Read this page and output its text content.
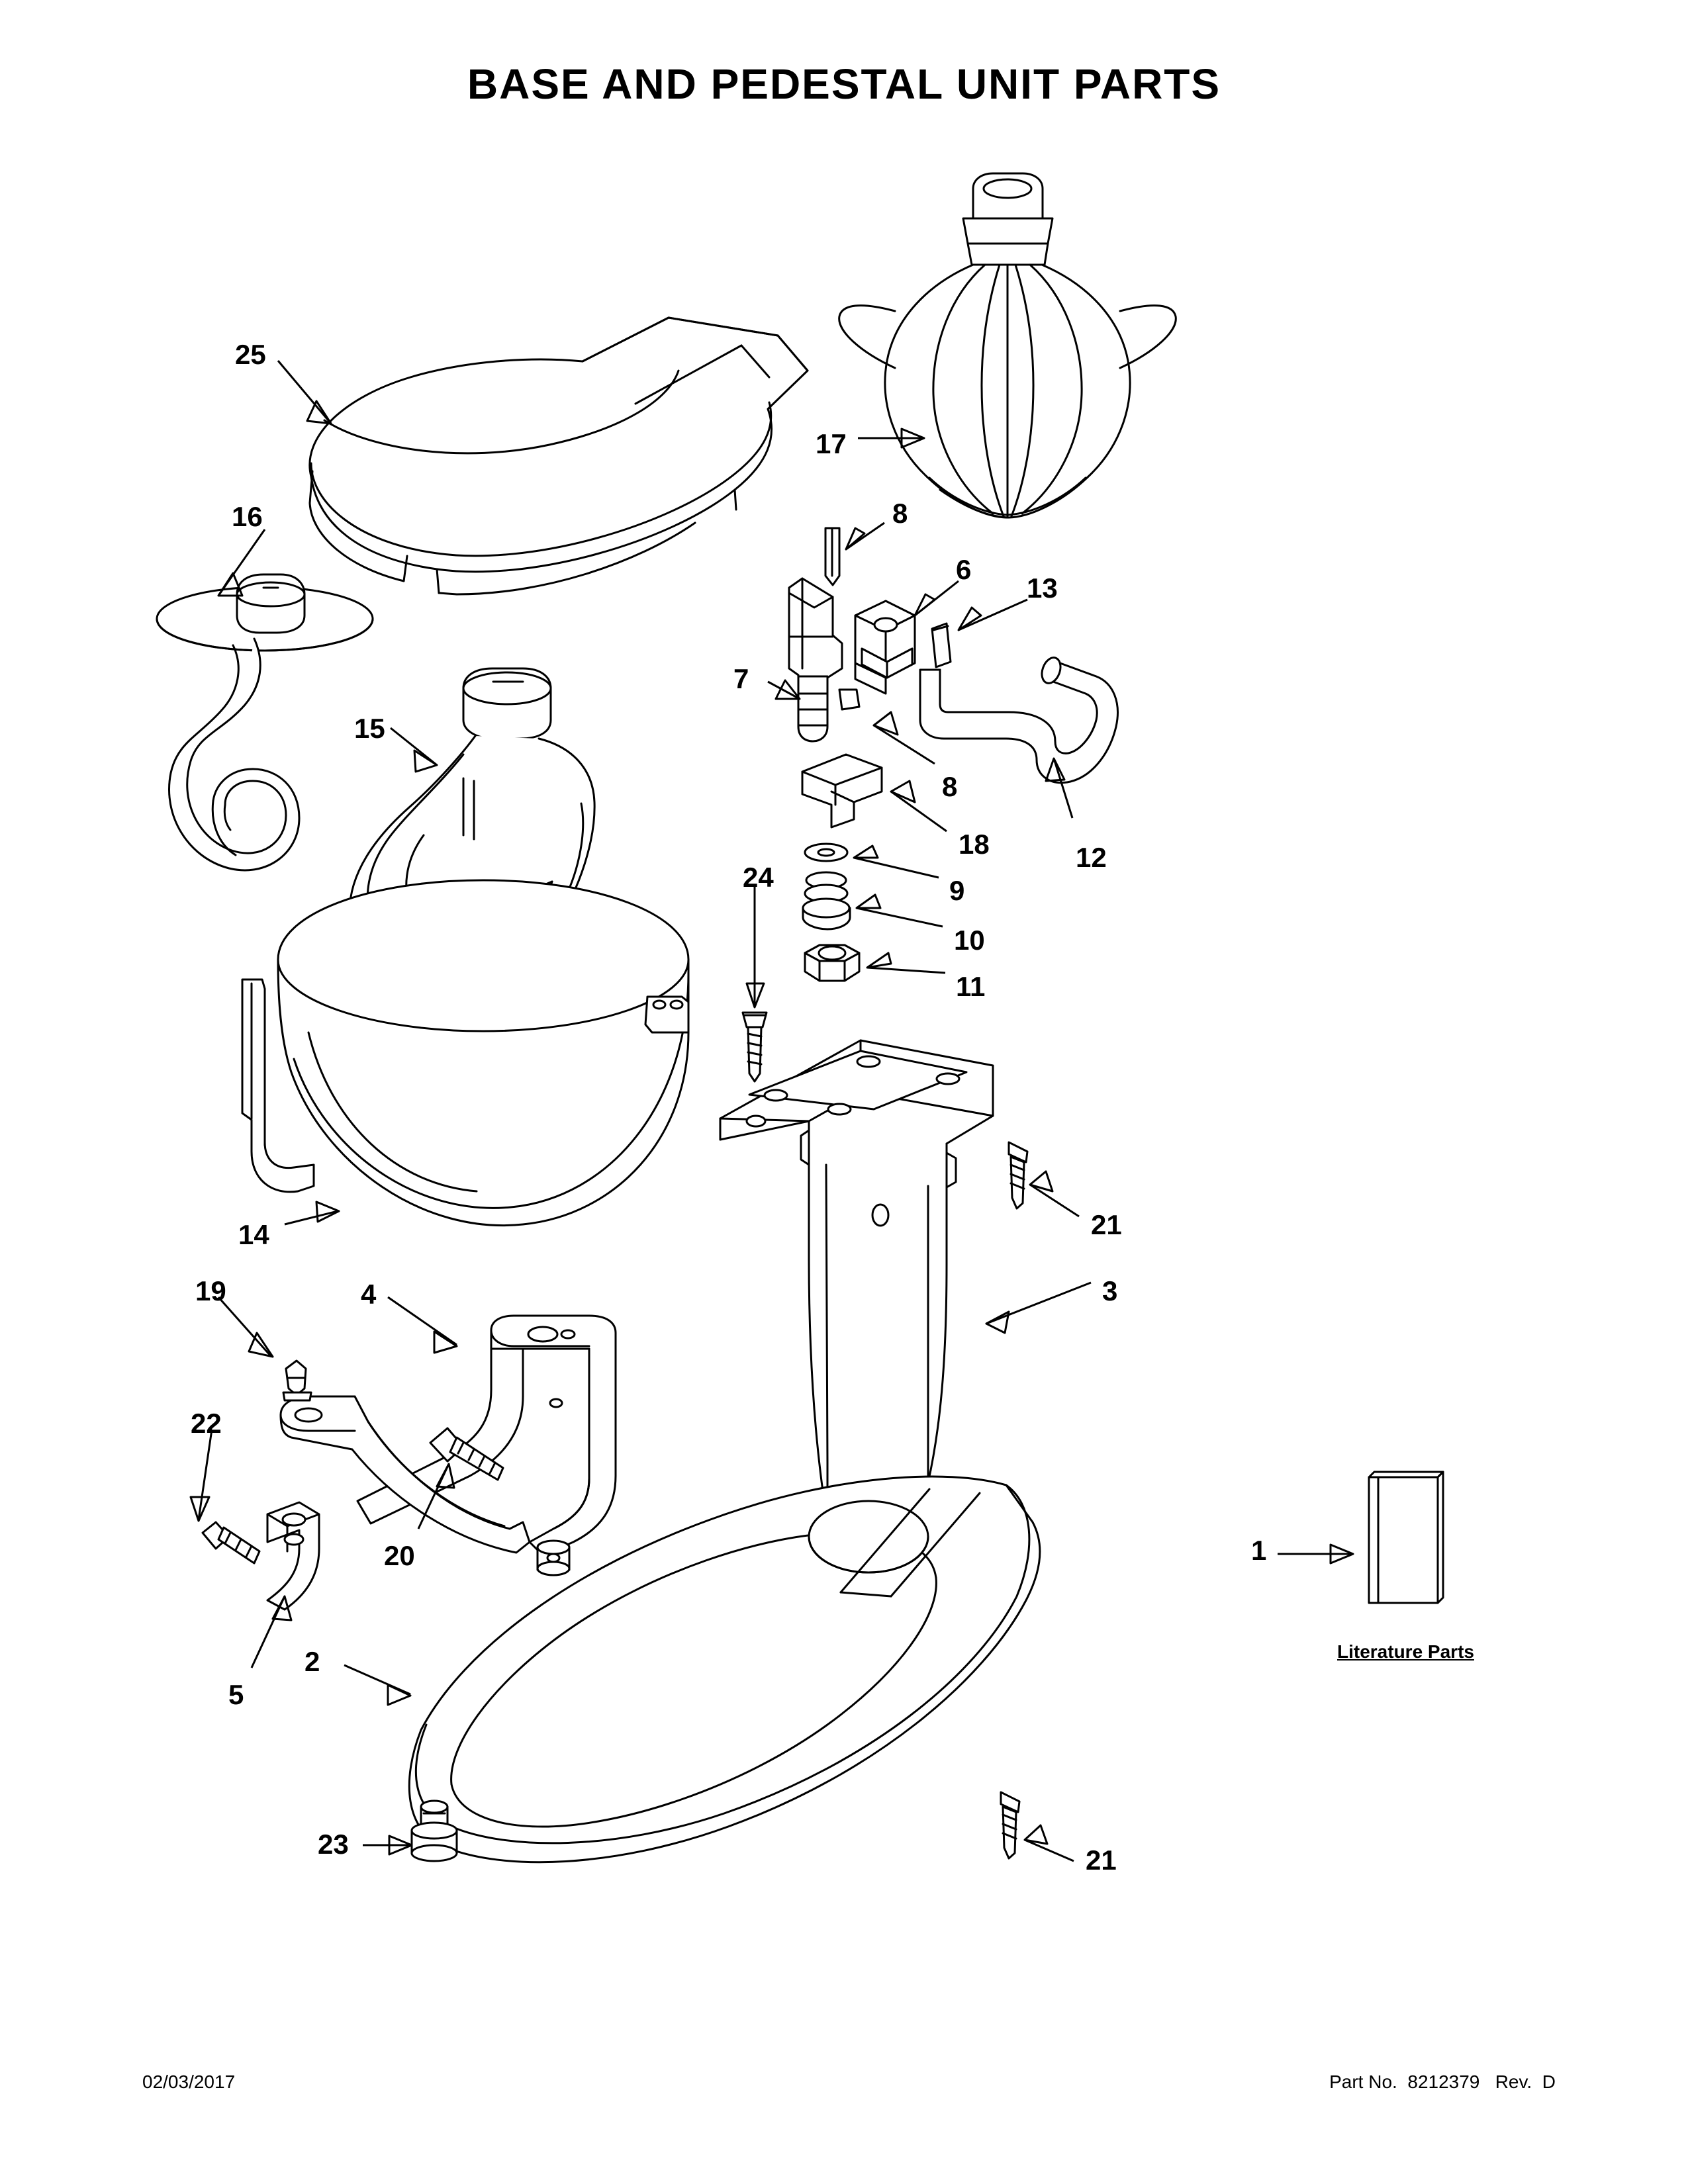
BASE AND PEDESTAL UNIT PARTS
25
16
17
8
6
13
7
8
12
15
18
24	9
10
11
21
14
3
19	4
22
20	1
5
2
23
21
Literature Parts
02/03/2017	Part No.  8212379   Rev.  D
